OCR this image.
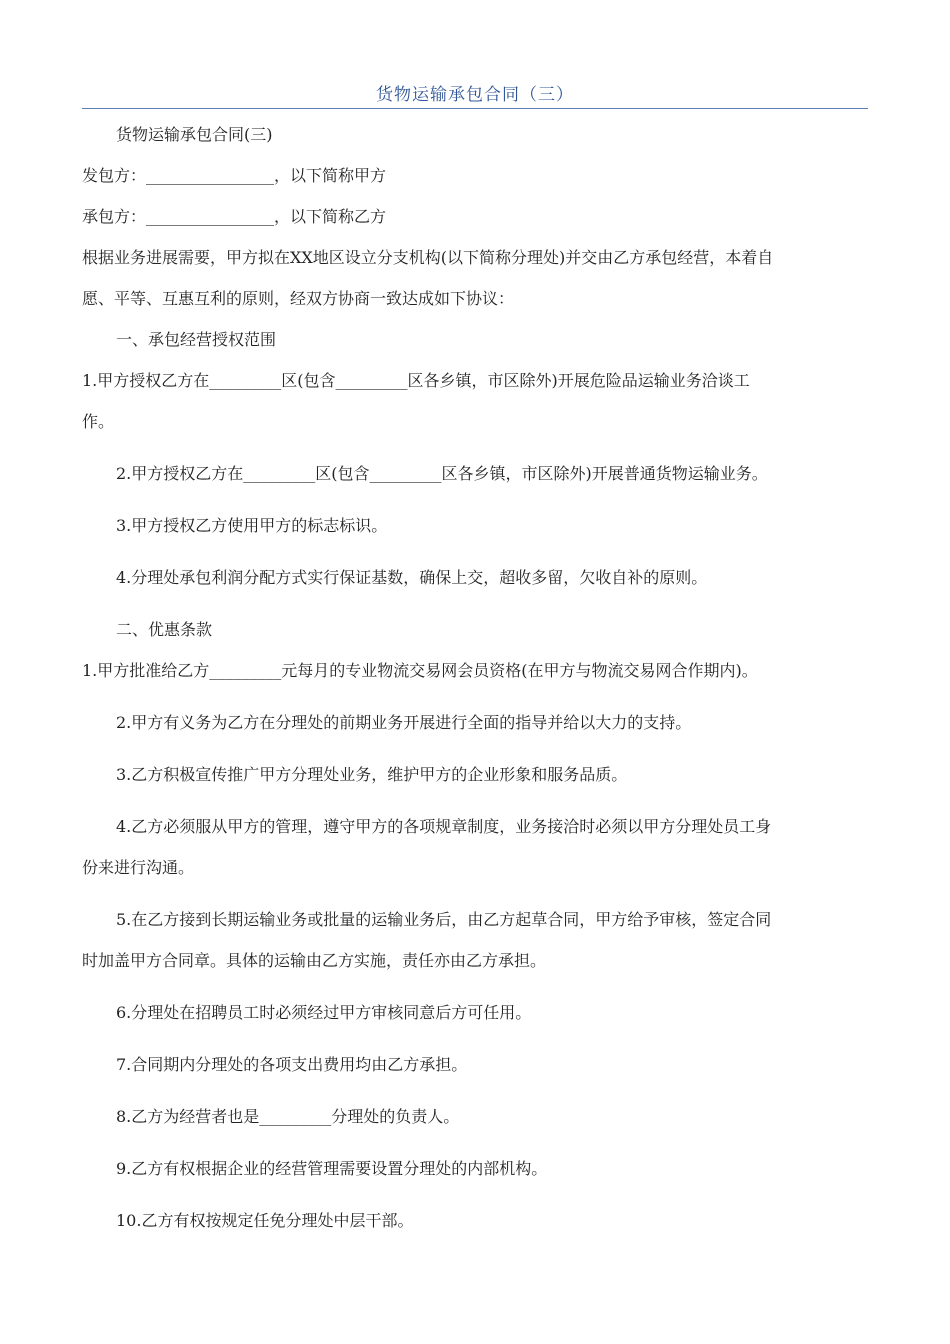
货物运输承包合同（三）

货物运输承包合同(三)

发包方：________________，以下简称甲方

承包方：________________，以下简称乙方

根据业务进展需要，甲方拟在XX地区设立分支机构(以下简称分理处)并交由乙方承包经营，本着自

愿、平等、互惠互利的原则，经双方协商一致达成如下协议：

一、承包经营授权范围

1.甲方授权乙方在_________区(包含_________区各乡镇，市区除外)开展危险品运输业务洽谈工

作。

2.甲方授权乙方在_________区(包含_________区各乡镇，市区除外)开展普通货物运输业务。

3.甲方授权乙方使用甲方的标志标识。

4.分理处承包利润分配方式实行保证基数，确保上交，超收多留，欠收自补的原则。

二、优惠条款

1.甲方批准给乙方_________元每月的专业物流交易网会员资格(在甲方与物流交易网合作期内)。

2.甲方有义务为乙方在分理处的前期业务开展进行全面的指导并给以大力的支持。

3.乙方积极宣传推广甲方分理处业务，维护甲方的企业形象和服务品质。

4.乙方必须服从甲方的管理，遵守甲方的各项规章制度，业务接洽时必须以甲方分理处员工身

份来进行沟通。

5.在乙方接到长期运输业务或批量的运输业务后，由乙方起草合同，甲方给予审核，签定合同

时加盖甲方合同章。具体的运输由乙方实施，责任亦由乙方承担。

6.分理处在招聘员工时必须经过甲方审核同意后方可任用。

7.合同期内分理处的各项支出费用均由乙方承担。

8.乙方为经营者也是_________分理处的负责人。

9.乙方有权根据企业的经营管理需要设置分理处的内部机构。

10.乙方有权按规定任免分理处中层干部。
